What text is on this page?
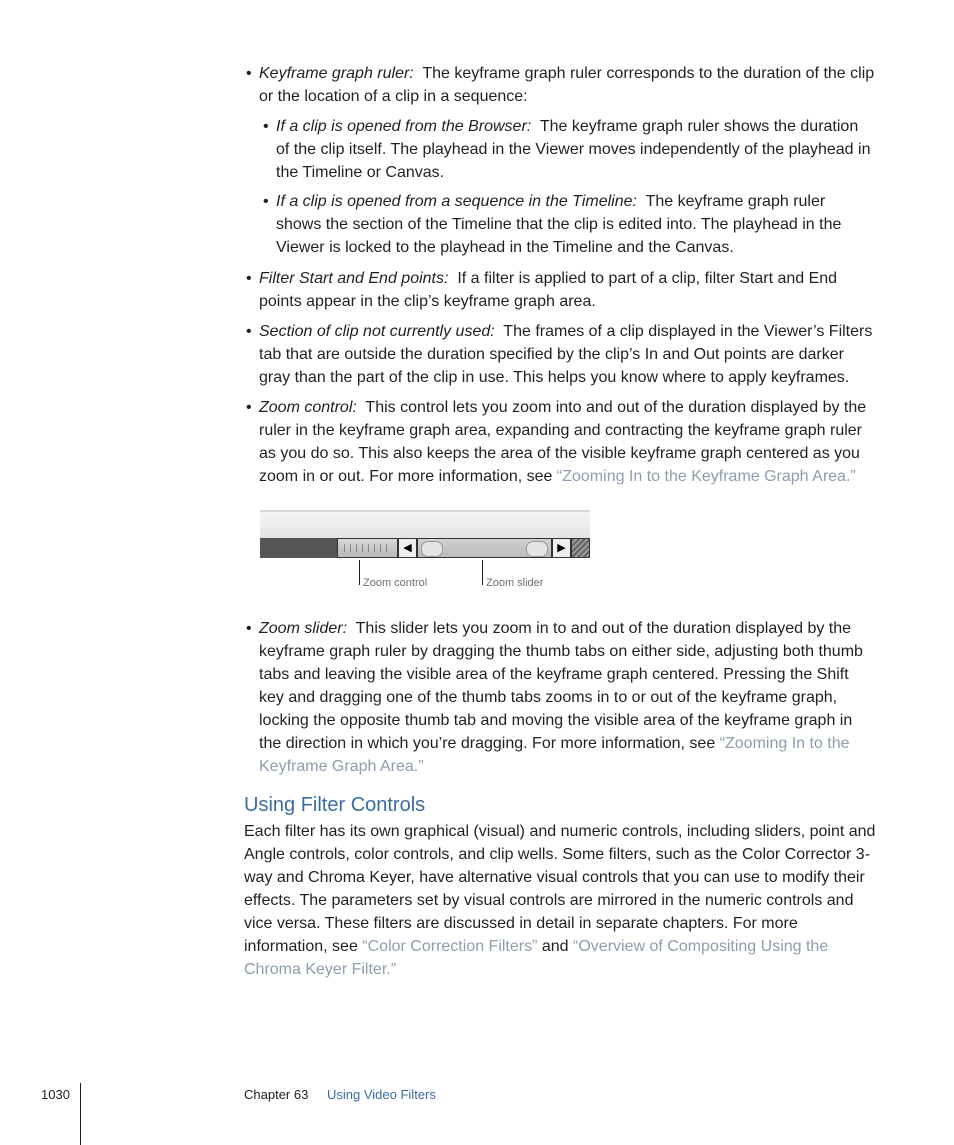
• Keyframe graph ruler: The keyframe graph ruler corresponds to the duration of the clip or the location of a clip in a sequence:
• If a clip is opened from the Browser: The keyframe graph ruler shows the duration of the clip itself. The playhead in the Viewer moves independently of the playhead in the Timeline or Canvas.
• If a clip is opened from a sequence in the Timeline: The keyframe graph ruler shows the section of the Timeline that the clip is edited into. The playhead in the Viewer is locked to the playhead in the Timeline and the Canvas.
• Filter Start and End points: If a filter is applied to part of a clip, filter Start and End points appear in the clip’s keyframe graph area.
• Section of clip not currently used: The frames of a clip displayed in the Viewer’s Filters tab that are outside the duration specified by the clip’s In and Out points are darker gray than the part of the clip in use. This helps you know where to apply keyframes.
• Zoom control: This control lets you zoom into and out of the duration displayed by the ruler in the keyframe graph area, expanding and contracting the keyframe graph ruler as you do so. This also keeps the area of the visible keyframe graph centered as you zoom in or out. For more information, see “Zooming In to the Keyframe Graph Area.”
◀	▶
Zoom control	Zoom slider
• Zoom slider: This slider lets you zoom in to and out of the duration displayed by the keyframe graph ruler by dragging the thumb tabs on either side, adjusting both thumb tabs and leaving the visible area of the keyframe graph centered. Pressing the Shift key and dragging one of the thumb tabs zooms in to or out of the keyframe graph, locking the opposite thumb tab and moving the visible area of the keyframe graph in the direction in which you’re dragging. For more information, see “Zooming In to the Keyframe Graph Area.”
Using Filter Controls
Each filter has its own graphical (visual) and numeric controls, including sliders, point and Angle controls, color controls, and clip wells. Some filters, such as the Color Corrector 3-way and Chroma Keyer, have alternative visual controls that you can use to modify their effects. The parameters set by visual controls are mirrored in the numeric controls and vice versa. These filters are discussed in detail in separate chapters. For more information, see “Color Correction Filters” and “Overview of Compositing Using the Chroma Keyer Filter.”
1030	Chapter 63 Using Video Filters
